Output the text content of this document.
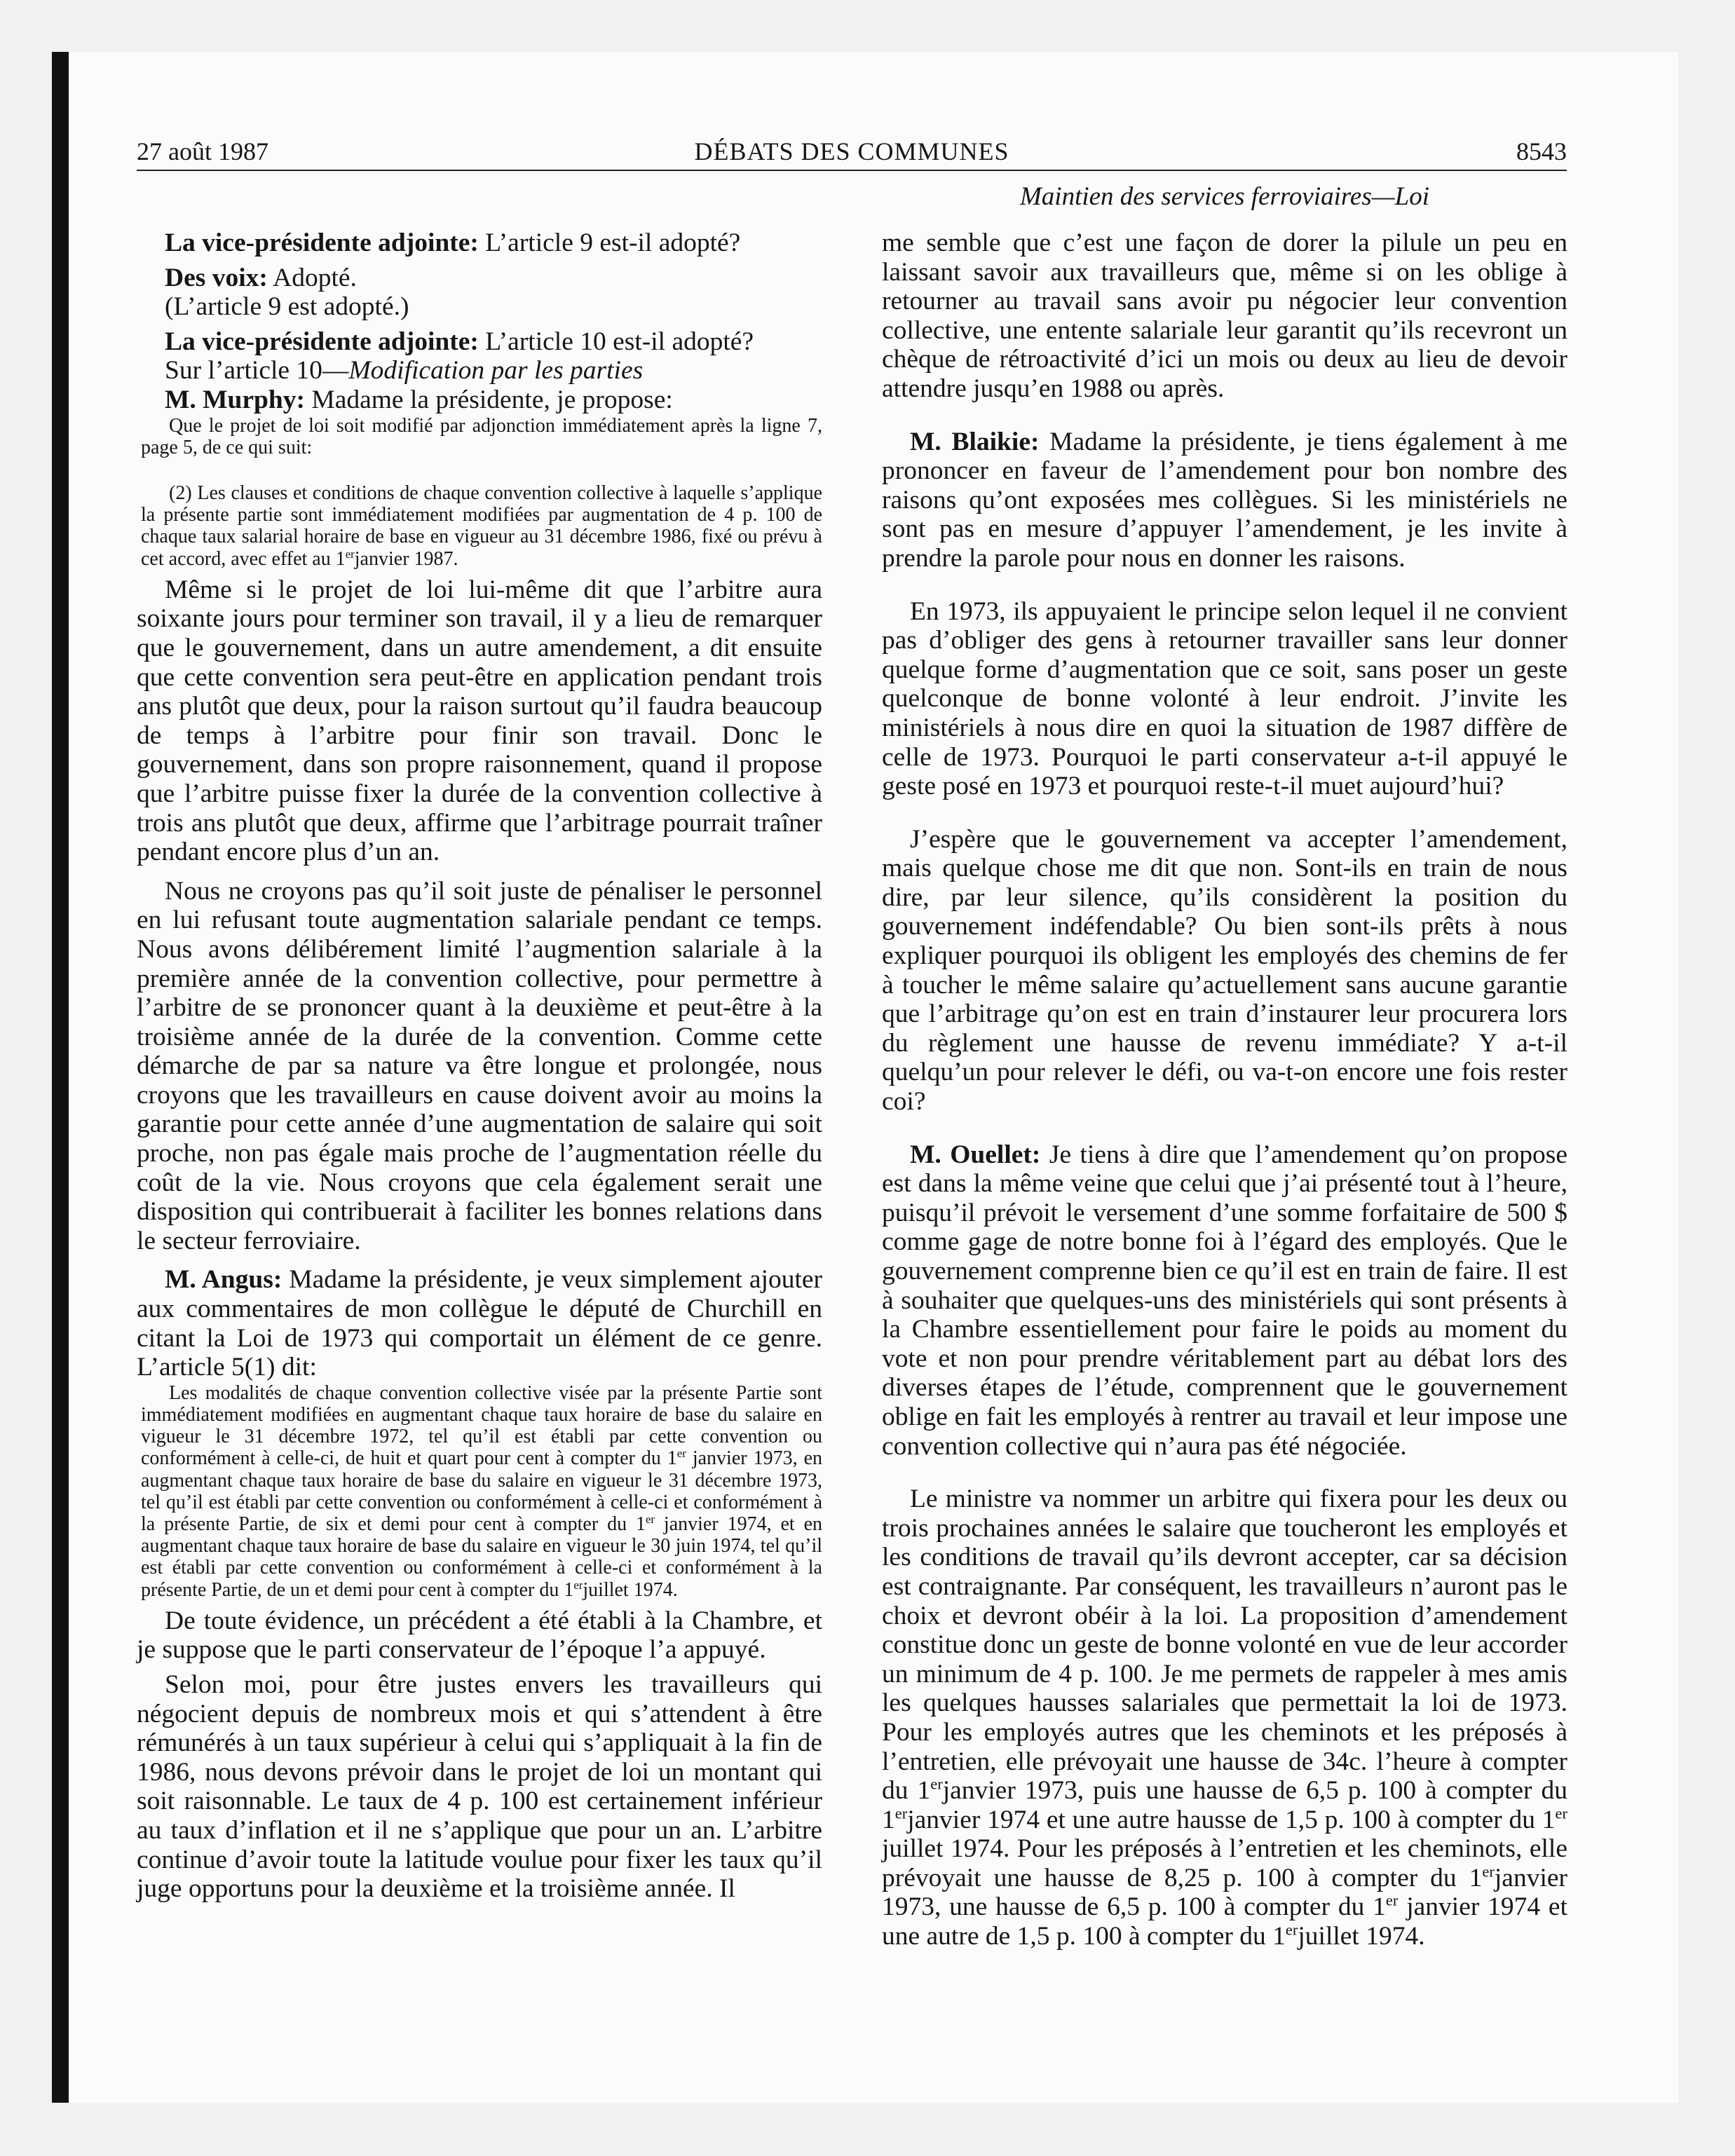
27 août 1987	DÉBATS DES COMMUNES	8543
Maintien des services ferroviaires—Loi

La vice-présidente adjointe: L’article 9 est-il adopté?

Des voix: Adopté.

(L’article 9 est adopté.)

La vice-présidente adjointe: L’article 10 est-il adopté?

Sur l’article 10—Modification par les parties

M. Murphy: Madame la présidente, je propose:

Que le projet de loi soit modifié par adjonction immédiatement après la ligne 7, page 5, de ce qui suit:

(2) Les clauses et conditions de chaque convention collective à laquelle s’applique la présente partie sont immédiatement modifiées par augmentation de 4 p. 100 de chaque taux salarial horaire de base en vigueur au 31 décembre 1986, fixé ou prévu à cet accord, avec effet au 1erjanvier 1987.

Même si le projet de loi lui-même dit que l’arbitre aura soixante jours pour terminer son travail, il y a lieu de remarquer que le gouvernement, dans un autre amendement, a dit ensuite que cette convention sera peut-être en application pendant trois ans plutôt que deux, pour la raison surtout qu’il faudra beaucoup de temps à l’arbitre pour finir son travail. Donc le gouvernement, dans son propre raisonnement, quand il propose que l’arbitre puisse fixer la durée de la convention collective à trois ans plutôt que deux, affirme que l’arbitrage pourrait traîner pendant encore plus d’un an.

Nous ne croyons pas qu’il soit juste de pénaliser le personnel en lui refusant toute augmentation salariale pendant ce temps. Nous avons délibérement limité l’augmention salariale à la première année de la convention collective, pour permettre à l’arbitre de se prononcer quant à la deuxième et peut-être à la troisième année de la durée de la convention. Comme cette démarche de par sa nature va être longue et prolongée, nous croyons que les travailleurs en cause doivent avoir au moins la garantie pour cette année d’une augmentation de salaire qui soit proche, non pas égale mais proche de l’augmentation réelle du coût de la vie. Nous croyons que cela également serait une disposition qui contribuerait à faciliter les bonnes relations dans le secteur ferroviaire.

M. Angus: Madame la présidente, je veux simplement ajouter aux commentaires de mon collègue le député de Churchill en citant la Loi de 1973 qui comportait un élément de ce genre. L’article 5(1) dit:

Les modalités de chaque convention collective visée par la présente Partie sont immédiatement modifiées en augmentant chaque taux horaire de base du salaire en vigueur le 31 décembre 1972, tel qu’il est établi par cette convention ou conformément à celle-ci, de huit et quart pour cent à compter du 1er janvier 1973, en augmentant chaque taux horaire de base du salaire en vigueur le 31 décembre 1973, tel qu’il est établi par cette convention ou conformément à celle-ci et conformément à la présente Partie, de six et demi pour cent à compter du 1er janvier 1974, et en augmentant chaque taux horaire de base du salaire en vigueur le 30 juin 1974, tel qu’il est établi par cette convention ou conformément à celle-ci et conformément à la présente Partie, de un et demi pour cent à compter du 1erjuillet 1974.

De toute évidence, un précédent a été établi à la Chambre, et je suppose que le parti conservateur de l’époque l’a appuyé.

Selon moi, pour être justes envers les travailleurs qui négocient depuis de nombreux mois et qui s’attendent à être rémunérés à un taux supérieur à celui qui s’appliquait à la fin de 1986, nous devons prévoir dans le projet de loi un montant qui soit raisonnable. Le taux de 4 p. 100 est certainement inférieur au taux d’inflation et il ne s’applique que pour un an. L’arbitre continue d’avoir toute la latitude voulue pour fixer les taux qu’il juge opportuns pour la deuxième et la troisième année. Il

me semble que c’est une façon de dorer la pilule un peu en laissant savoir aux travailleurs que, même si on les oblige à retourner au travail sans avoir pu négocier leur convention collective, une entente salariale leur garantit qu’ils recevront un chèque de rétroactivité d’ici un mois ou deux au lieu de devoir attendre jusqu’en 1988 ou après.

M. Blaikie: Madame la présidente, je tiens également à me prononcer en faveur de l’amendement pour bon nombre des raisons qu’ont exposées mes collègues. Si les ministériels ne sont pas en mesure d’appuyer l’amendement, je les invite à prendre la parole pour nous en donner les raisons.

En 1973, ils appuyaient le principe selon lequel il ne convient pas d’obliger des gens à retourner travailler sans leur donner quelque forme d’augmentation que ce soit, sans poser un geste quelconque de bonne volonté à leur endroit. J’invite les ministériels à nous dire en quoi la situation de 1987 diffère de celle de 1973. Pourquoi le parti conservateur a-t-il appuyé le geste posé en 1973 et pourquoi reste-t-il muet aujourd’hui?

J’espère que le gouvernement va accepter l’amendement, mais quelque chose me dit que non. Sont-ils en train de nous dire, par leur silence, qu’ils considèrent la position du gouvernement indéfendable? Ou bien sont-ils prêts à nous expliquer pourquoi ils obligent les employés des chemins de fer à toucher le même salaire qu’actuellement sans aucune garantie que l’arbitrage qu’on est en train d’instaurer leur procurera lors du règlement une hausse de revenu immédiate? Y a-t-il quelqu’un pour relever le défi, ou va-t-on encore une fois rester coi?

M. Ouellet: Je tiens à dire que l’amendement qu’on propose est dans la même veine que celui que j’ai présenté tout à l’heure, puisqu’il prévoit le versement d’une somme forfaitaire de 500 $ comme gage de notre bonne foi à l’égard des employés. Que le gouvernement comprenne bien ce qu’il est en train de faire. Il est à souhaiter que quelques-uns des ministériels qui sont présents à la Chambre essentiellement pour faire le poids au moment du vote et non pour prendre véritablement part au débat lors des diverses étapes de l’étude, comprennent que le gouvernement oblige en fait les employés à rentrer au travail et leur impose une convention collective qui n’aura pas été négociée.

Le ministre va nommer un arbitre qui fixera pour les deux ou trois prochaines années le salaire que toucheront les employés et les conditions de travail qu’ils devront accepter, car sa décision est contraignante. Par conséquent, les travailleurs n’auront pas le choix et devront obéir à la loi. La proposition d’amendement constitue donc un geste de bonne volonté en vue de leur accorder un minimum de 4 p. 100. Je me permets de rappeler à mes amis les quelques hausses salariales que permettait la loi de 1973. Pour les employés autres que les cheminots et les préposés à l’entretien, elle prévoyait une hausse de 34c. l’heure à compter du 1erjanvier 1973, puis une hausse de 6,5 p. 100 à compter du 1erjanvier 1974 et une autre hausse de 1,5 p. 100 à compter du 1er juillet 1974. Pour les préposés à l’entretien et les cheminots, elle prévoyait une hausse de 8,25 p. 100 à compter du 1erjanvier 1973, une hausse de 6,5 p. 100 à compter du 1er janvier 1974 et une autre de 1,5 p. 100 à compter du 1erjuillet 1974.
